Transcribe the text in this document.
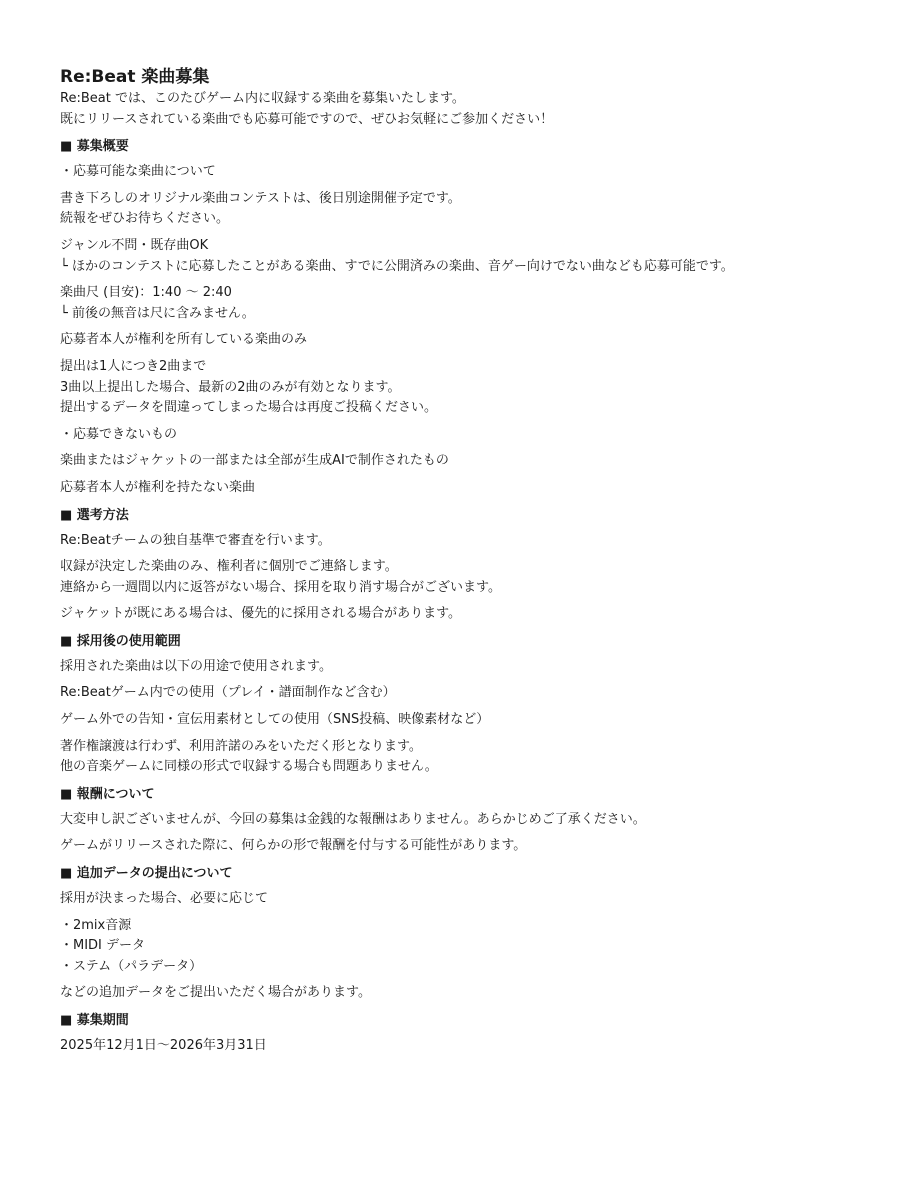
Re:Beat 楽曲募集

Re:Beat では、このたびゲーム内に収録する楽曲を募集いたします。

既にリリースされている楽曲でも応募可能ですので、ぜひお気軽にご参加ください！

■ 募集概要

・応募可能な楽曲について

書き下ろしのオリジナル楽曲コンテストは、後日別途開催予定です。

続報をぜひお待ちください。

ジャンル不問・既存曲OK

└ ほかのコンテストに応募したことがある楽曲、すでに公開済みの楽曲、音ゲー向けでない曲なども応募可能です。

楽曲尺 (目安)：1:40 ～ 2:40

└ 前後の無音は尺に含みません。

応募者本人が権利を所有している楽曲のみ

提出は1人につき2曲まで

3曲以上提出した場合、最新の2曲のみが有効となります。

提出するデータを間違ってしまった場合は再度ご投稿ください。

・応募できないもの

楽曲またはジャケットの一部または全部が生成AIで制作されたもの

応募者本人が権利を持たない楽曲

■ 選考方法

Re:Beatチームの独自基準で審査を行います。

収録が決定した楽曲のみ、権利者に個別でご連絡します。

連絡から一週間以内に返答がない場合、採用を取り消す場合がございます。

ジャケットが既にある場合は、優先的に採用される場合があります。

■ 採用後の使用範囲

採用された楽曲は以下の用途で使用されます。

Re:Beatゲーム内での使用（プレイ・譜面制作など含む）

ゲーム外での告知・宣伝用素材としての使用（SNS投稿、映像素材など）

著作権譲渡は行わず、利用許諾のみをいただく形となります。

他の音楽ゲームに同様の形式で収録する場合も問題ありません。

■ 報酬について

大変申し訳ございませんが、今回の募集は金銭的な報酬はありません。あらかじめご了承ください。

ゲームがリリースされた際に、何らかの形で報酬を付与する可能性があります。

■ 追加データの提出について

採用が決まった場合、必要に応じて

・2mix音源

・MIDI データ

・ステム（パラデータ）

などの追加データをご提出いただく場合があります。

■ 募集期間

2025年12月1日〜2026年3月31日
